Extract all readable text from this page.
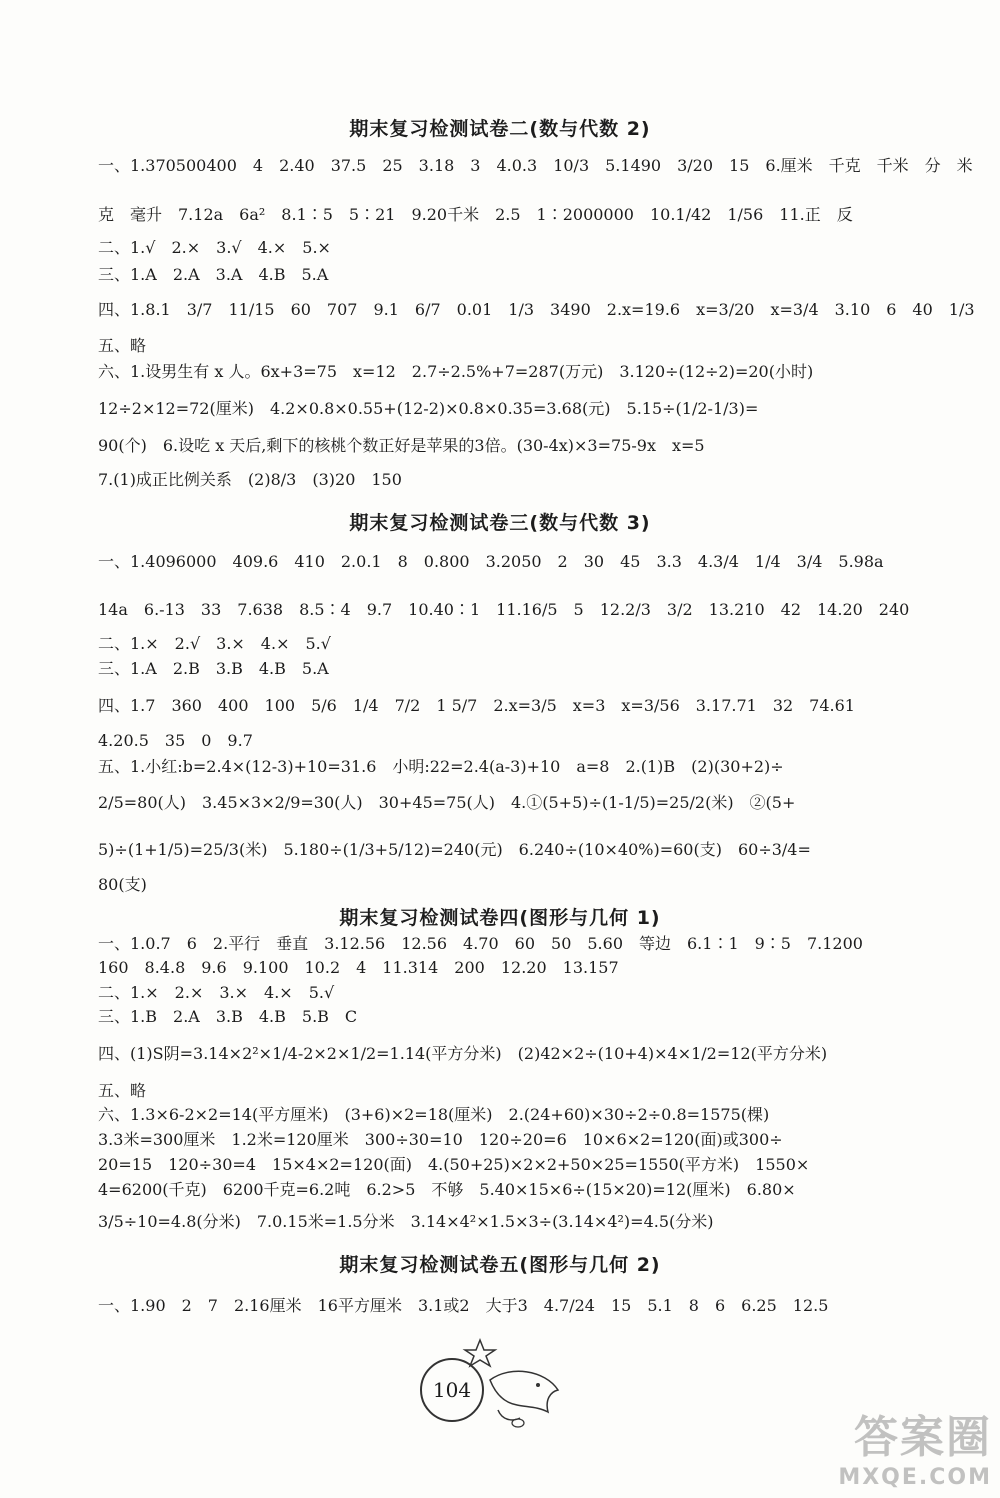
期末复习检测试卷二(数与代数 2)
一、1.370500400　4　2.40　37.5　25　3.18　3　4.0.3　10/3　5.1490　3/20　15　6.厘米　千克　千米　分　米
克　毫升　7.12a　6a²　8.1∶5　5∶21　9.20千米　2.5　1∶2000000　10.1/42　1/56　11.正　反
二、1.√　2.×　3.√　4.×　5.×
三、1.A　2.A　3.A　4.B　5.A
四、1.8.1　3/7　11/15　60　707　9.1　6/7　0.01　1/3　3490　2.x=19.6　x=3/20　x=3/4　3.10　6　40　1/3
五、略
六、1.设男生有 x 人。6x+3=75　x=12　2.7÷2.5%+7=287(万元)　3.120÷(12÷2)=20(小时)
12÷2×12=72(厘米)　4.2×0.8×0.55+(12-2)×0.8×0.35=3.68(元)　5.15÷(1/2-1/3)=
90(个)　6.设吃 x 天后,剩下的核桃个数正好是苹果的3倍。(30-4x)×3=75-9x　x=5
7.(1)成正比例关系　(2)8/3　(3)20　150
期末复习检测试卷三(数与代数 3)
一、1.4096000　409.6　410　2.0.1　8　0.800　3.2050　2　30　45　3.3　4.3/4　1/4　3/4　5.98a
14a　6.-13　33　7.638　8.5∶4　9.7　10.40∶1　11.16/5　5　12.2/3　3/2　13.210　42　14.20　240
二、1.×　2.√　3.×　4.×　5.√
三、1.A　2.B　3.B　4.B　5.A
四、1.7　360　400　100　5/6　1/4　7/2　1 5/7　2.x=3/5　x=3　x=3/56　3.17.71　32　74.61
4.20.5　35　0　9.7
五、1.小红:b=2.4×(12-3)+10=31.6　小明:22=2.4(a-3)+10　a=8　2.(1)B　(2)(30+2)÷
2/5=80(人)　3.45×3×2/9=30(人)　30+45=75(人)　4.①(5+5)÷(1-1/5)=25/2(米)　②(5+
5)÷(1+1/5)=25/3(米)　5.180÷(1/3+5/12)=240(元)　6.240÷(10×40%)=60(支)　60÷3/4=
80(支)
期末复习检测试卷四(图形与几何 1)
一、1.0.7　6　2.平行　垂直　3.12.56　12.56　4.70　60　50　5.60　等边　6.1∶1　9∶5　7.1200
160　8.4.8　9.6　9.100　10.2　4　11.314　200　12.20　13.157
二、1.×　2.×　3.×　4.×　5.√
三、1.B　2.A　3.B　4.B　5.B　C
四、(1)S阴=3.14×2²×1/4-2×2×1/2=1.14(平方分米)　(2)42×2÷(10+4)×4×1/2=12(平方分米)
五、略
六、1.3×6-2×2=14(平方厘米)　(3+6)×2=18(厘米)　2.(24+60)×30÷2÷0.8=1575(棵)
3.3米=300厘米　1.2米=120厘米　300÷30=10　120÷20=6　10×6×2=120(面)或300÷
20=15　120÷30=4　15×4×2=120(面)　4.(50+25)×2×2+50×25=1550(平方米)　1550×
4=6200(千克)　6200千克=6.2吨　6.2>5　不够　5.40×15×6÷(15×20)=12(厘米)　6.80×
3/5÷10=4.8(分米)　7.0.15米=1.5分米　3.14×4²×1.5×3÷(3.14×4²)=4.5(分米)
期末复习检测试卷五(图形与几何 2)
一、1.90　2　7　2.16厘米　16平方厘米　3.1或2　大于3　4.7/24　15　5.1　8　6　6.25　12.5
104
答案圈
MXQE.COM
